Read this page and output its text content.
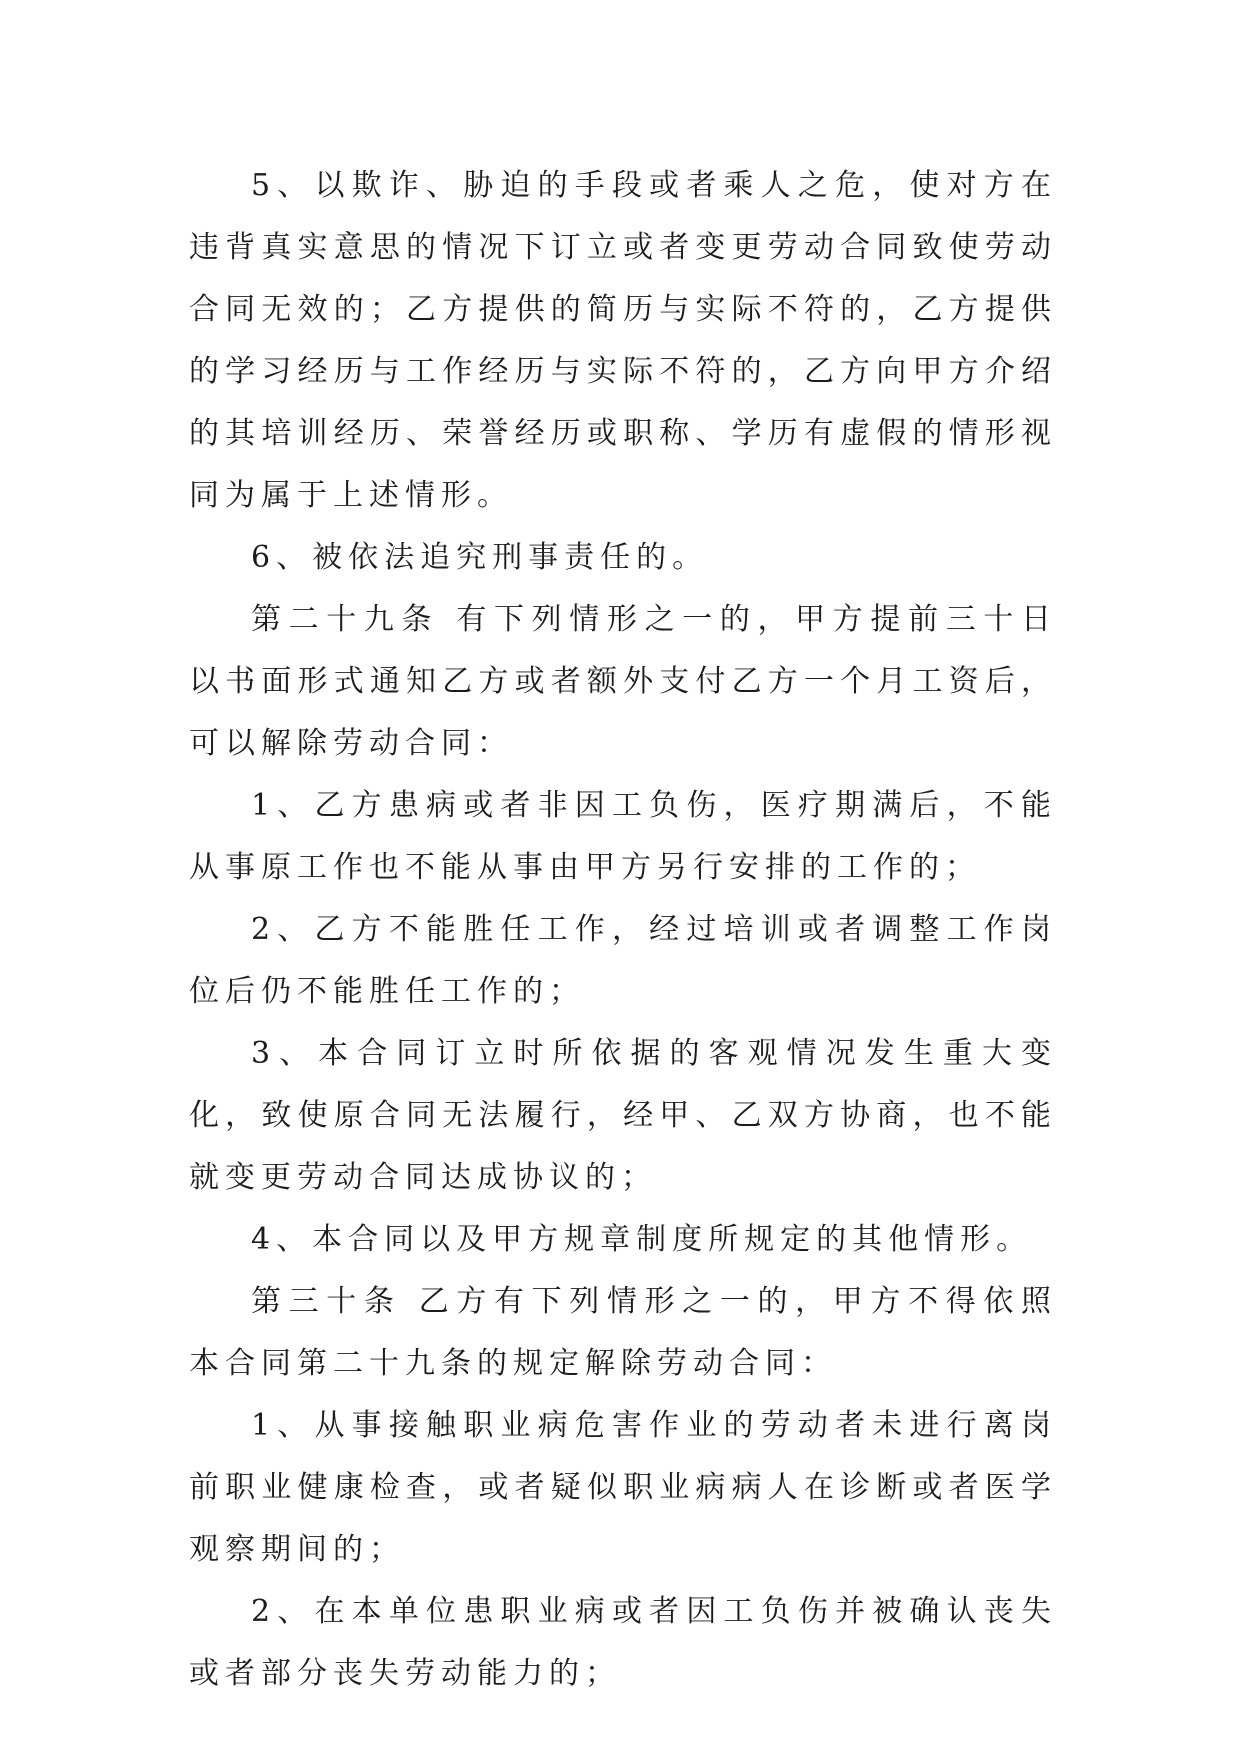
5、以欺诈、胁迫的手段或者乘人之危，使对方在违背真实意思的情况下订立或者变更劳动合同致使劳动合同无效的；乙方提供的简历与实际不符的，乙方提供的学习经历与工作经历与实际不符的，乙方向甲方介绍的其培训经历、荣誉经历或职称、学历有虚假的情形视同为属于上述情形。

6、被依法追究刑事责任的。

第二十九条 有下列情形之一的，甲方提前三十日以书面形式通知乙方或者额外支付乙方一个月工资后，可以解除劳动合同：

1、乙方患病或者非因工负伤，医疗期满后，不能从事原工作也不能从事由甲方另行安排的工作的；

2、乙方不能胜任工作，经过培训或者调整工作岗位后仍不能胜任工作的；

3、本合同订立时所依据的客观情况发生重大变化，致使原合同无法履行，经甲、乙双方协商，也不能就变更劳动合同达成协议的；

4、本合同以及甲方规章制度所规定的其他情形。

第三十条 乙方有下列情形之一的，甲方不得依照本合同第二十九条的规定解除劳动合同：

1、从事接触职业病危害作业的劳动者未进行离岗前职业健康检查，或者疑似职业病病人在诊断或者医学观察期间的；

2、在本单位患职业病或者因工负伤并被确认丧失或者部分丧失劳动能力的；
